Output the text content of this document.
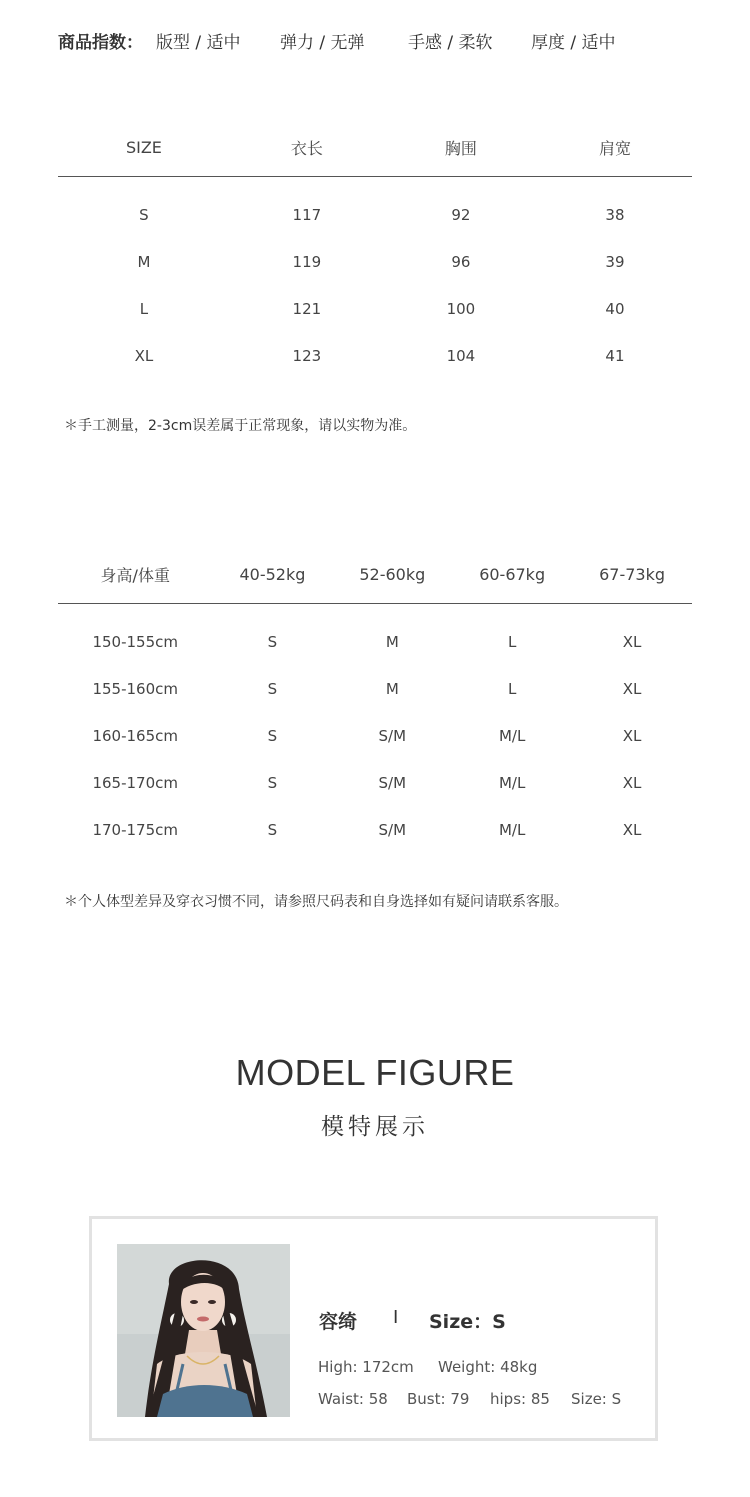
商品指数： 版型 / 适中 弹力 / 无弹	手感 / 柔软 厚度 / 适中
SIZE	衣长	胸围	肩宽

S	117	92	38
M	119	96	39
L	121	100	40
XL	123	104	41
＊手工测量，2-3cm误差属于正常现象，请以实物为准。
身高/体重	40-52kg	52-60kg	60-67kg	67-73kg

150-155cm	S	M	L	XL
155-160cm	S	M	L	XL
160-165cm	S	S/M	M/L	XL
165-170cm	S	S/M	M/L	XL
170-175cm	S	S/M	M/L	XL
＊个人体型差异及穿衣习惯不同，请参照尺码表和自身选择如有疑问请联系客服。
MODEL FIGURE
模特展示
容绮 I Size：S
High: 172cm Weight: 48kg
Waist: 58 Bust: 79 hips: 85 Size: S
